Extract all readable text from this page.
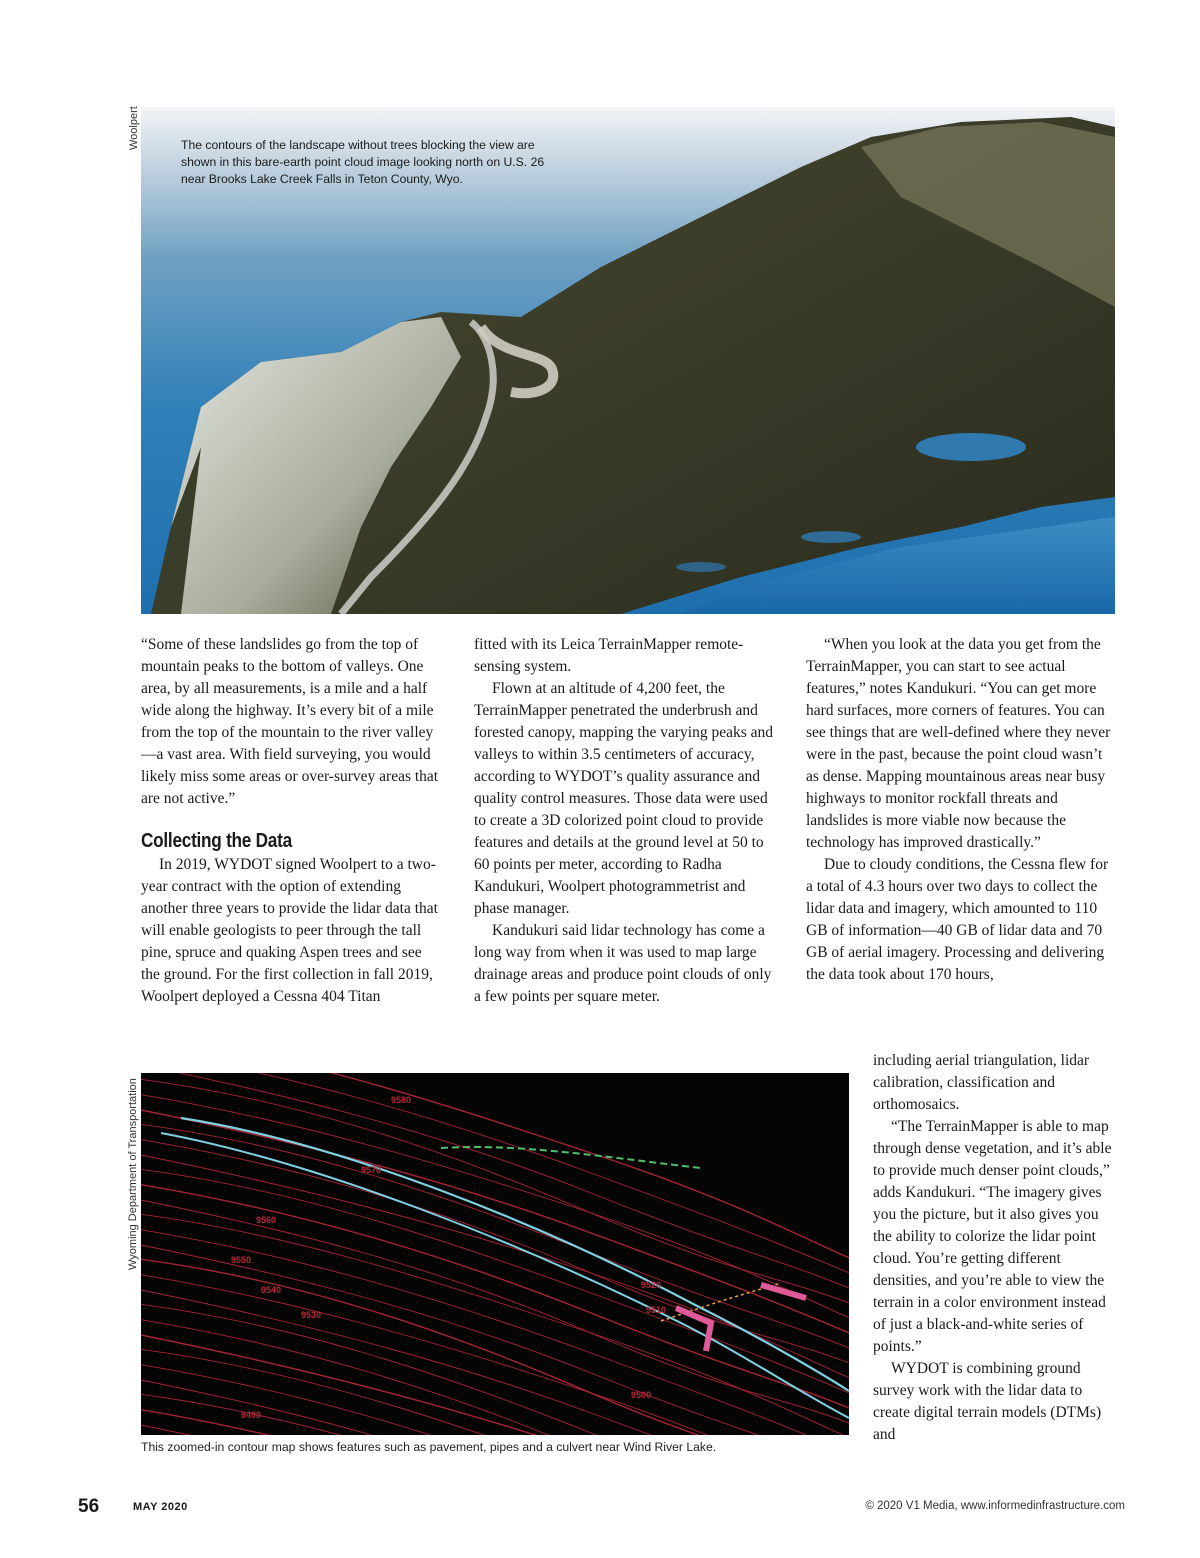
Woolpert
Wyoming Department of Transportation
The contours of the landscape without trees blocking the view are shown in this bare-earth point cloud image looking north on U.S. 26 near Brooks Lake Creek Falls in Teton County, Wyo.

“Some of these landslides go from the top of mountain peaks to the bottom of valleys. One area, by all measurements, is a mile and a half wide along the highway. It’s every bit of a mile from the top of the mountain to the river valley—a vast area. With field surveying, you would likely miss some areas or over-survey areas that are not active.”

Collecting the Data

In 2019, WYDOT signed Woolpert to a two-year contract with the option of extending another three years to provide the lidar data that will enable geologists to peer through the tall pine, spruce and quaking Aspen trees and see the ground. For the first collection in fall 2019, Woolpert deployed a Cessna 404 Titan

fitted with its Leica TerrainMapper remote-sensing system.

Flown at an altitude of 4,200 feet, the TerrainMapper penetrated the underbrush and forested canopy, mapping the varying peaks and valleys to within 3.5 centimeters of accuracy, according to WYDOT’s quality assurance and quality control measures. Those data were used to create a 3D colorized point cloud to provide features and details at the ground level at 50 to 60 points per meter, according to Radha Kandukuri, Woolpert photogrammetrist and phase manager.

Kandukuri said lidar technology has come a long way from when it was used to map large drainage areas and produce point clouds of only a few points per square meter.

“When you look at the data you get from the TerrainMapper, you can start to see actual features,” notes Kandukuri. “You can get more hard surfaces, more corners of features. You can see things that are well-defined where they never were in the past, because the point cloud wasn’t as dense. Mapping mountainous areas near busy highways to monitor rockfall threats and landslides is more viable now because the technology has improved drastically.”

Due to cloudy conditions, the Cessna flew for a total of 4.3 hours over two days to collect the lidar data and imagery, which amounted to 110 GB of information—40 GB of lidar data and 70 GB of aerial imagery. Processing and delivering the data took about 170 hours,

including aerial triangulation, lidar calibration, classification and orthomosaics.

“The TerrainMapper is able to map through dense vegetation, and it’s able to provide much denser point clouds,” adds Kandukuri. “The imagery gives you the picture, but it also gives you the ability to colorize the lidar point cloud. You’re getting different densities, and you’re able to view the terrain in a color environment instead of just a black-and-white series of points.”

WYDOT is combining ground survey work with the lidar data to create digital terrain models (DTMs) and

9580
9570
9560
9550
9540
9530
9520
9510
9500
9490
This zoomed-in contour map shows features such as pavement, pipes and a culvert near Wind River Lake.
56	MAY 2020	© 2020 V1 Media, www.informedinfrastructure.com
